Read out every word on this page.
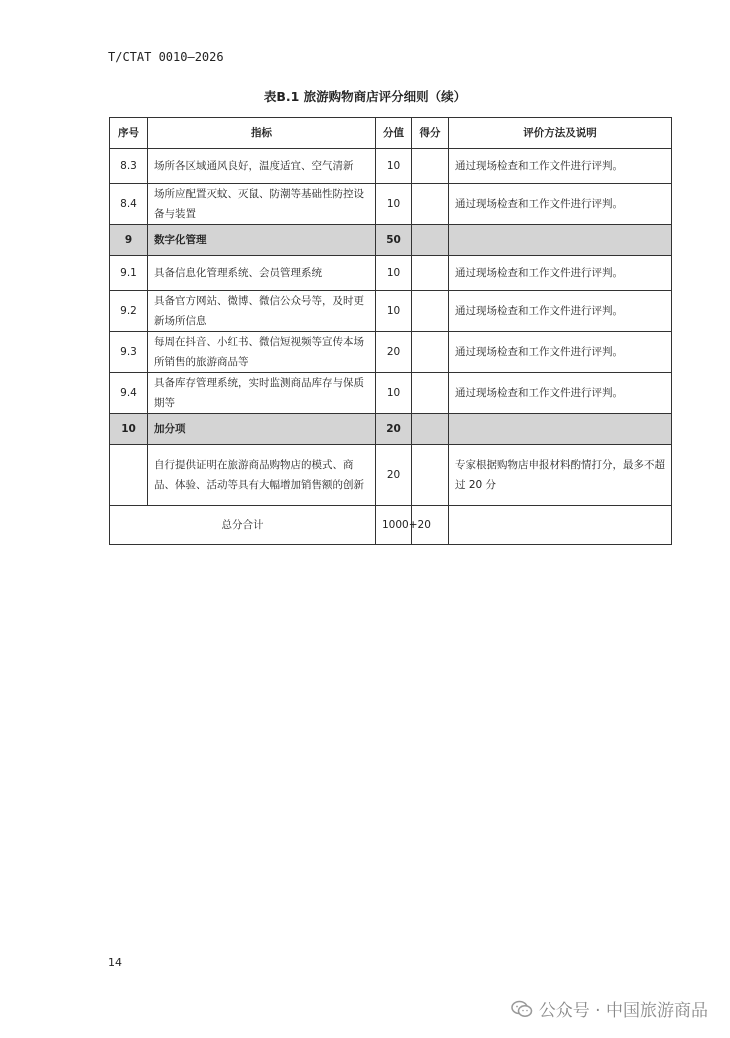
T/CTAT 0010—2026
表B.1 旅游购物商店评分细则（续）
序号	指标	分值	得分	评价方法及说明
8.3	场所各区域通风良好，温度适宜、空气清新	10		通过现场检查和工作文件进行评判。
8.4	场所应配置灭蚊、灭鼠、防潮等基础性防控设备与装置	10		通过现场检查和工作文件进行评判。
9	数字化管理	50		
9.1	具备信息化管理系统、会员管理系统	10		通过现场检查和工作文件进行评判。
9.2	具备官方网站、微博、微信公众号等，及时更新场所信息	10		通过现场检查和工作文件进行评判。
9.3	每周在抖音、小红书、微信短视频等宣传本场所销售的旅游商品等	20		通过现场检查和工作文件进行评判。
9.4	具备库存管理系统，实时监测商品库存与保质期等	10		通过现场检查和工作文件进行评判。
10	加分项	20		
	自行提供证明在旅游商品购物店的模式、商品、体验、活动等具有大幅增加销售额的创新	20		专家根据购物店申报材料酌情打分，最多不超过 20 分
总分合计		1000+20		
14
公众号 · 中国旅游商品
